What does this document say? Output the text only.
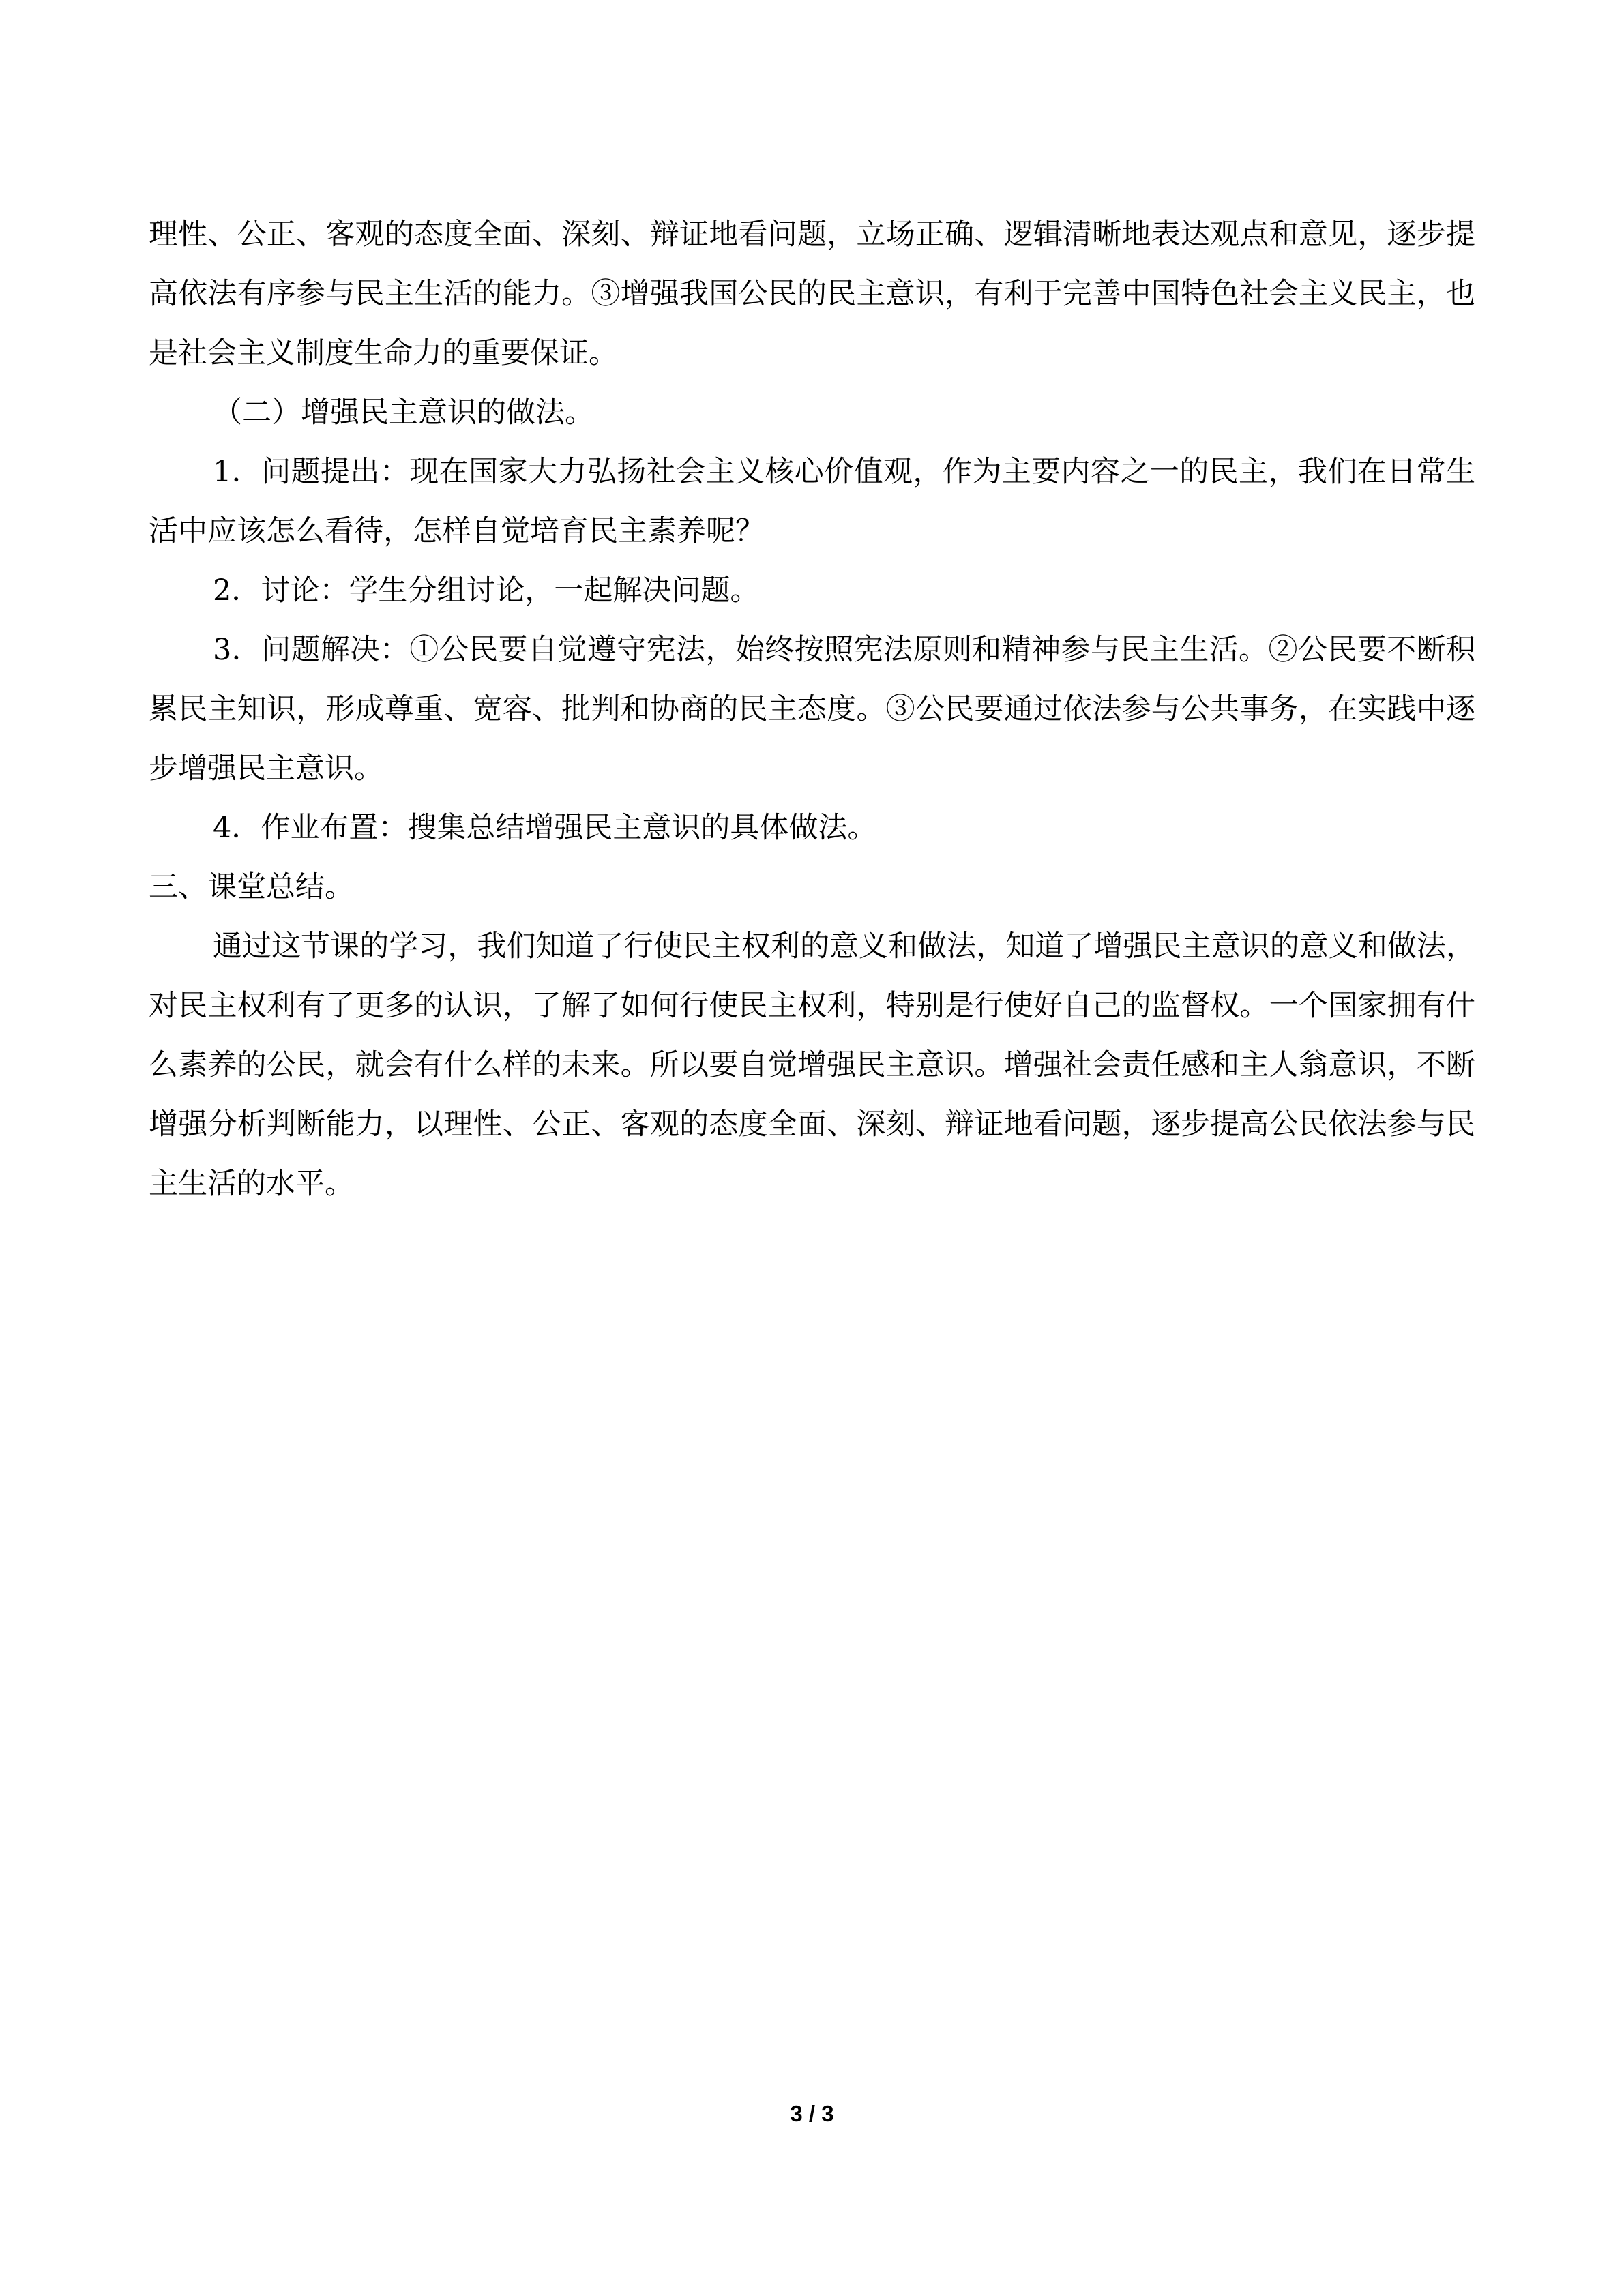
理性、公正、客观的态度全面、深刻、辩证地看问题，立场正确、逻辑清晰地表达观点和意见，逐步提高依法有序参与民主生活的能力。③增强我国公民的民主意识，有利于完善中国特色社会主义民主，也是社会主义制度生命力的重要保证。

（二）增强民主意识的做法。

1．问题提出：现在国家大力弘扬社会主义核心价值观，作为主要内容之一的民主，我们在日常生活中应该怎么看待，怎样自觉培育民主素养呢？

2．讨论：学生分组讨论，一起解决问题。

3．问题解决：①公民要自觉遵守宪法，始终按照宪法原则和精神参与民主生活。②公民要不断积累民主知识，形成尊重、宽容、批判和协商的民主态度。③公民要通过依法参与公共事务，在实践中逐步增强民主意识。

4．作业布置：搜集总结增强民主意识的具体做法。

三、课堂总结。

通过这节课的学习，我们知道了行使民主权利的意义和做法，知道了增强民主意识的意义和做法，对民主权利有了更多的认识，了解了如何行使民主权利，特别是行使好自己的监督权。一个国家拥有什么素养的公民，就会有什么样的未来。所以要自觉增强民主意识。增强社会责任感和主人翁意识，不断增强分析判断能力，以理性、公正、客观的态度全面、深刻、辩证地看问题，逐步提高公民依法参与民主生活的水平。

3 / 3
